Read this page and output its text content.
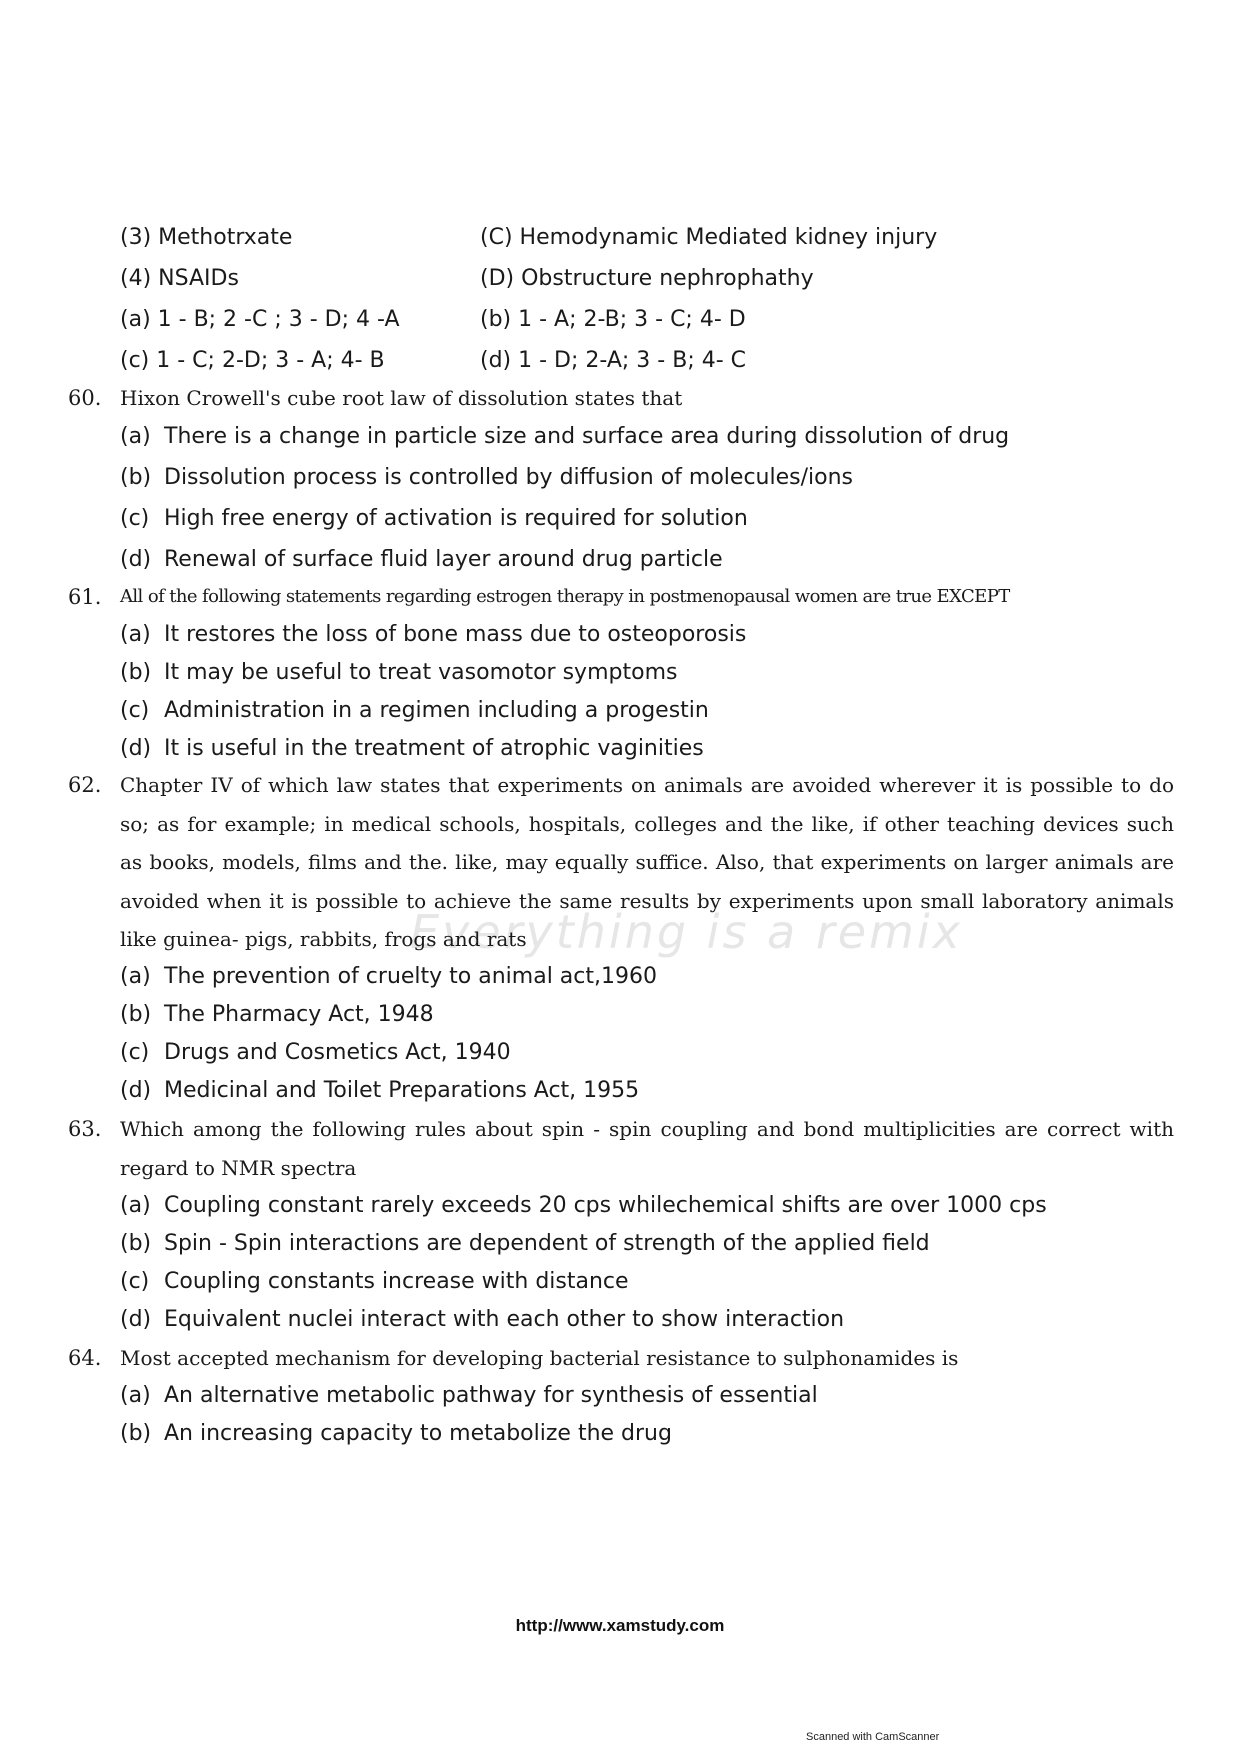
Everything is a remix
(3) Methotrxate	(C) Hemodynamic Mediated kidney injury
(4) NSAIDs	(D) Obstructure nephrophathy
(a) 1 - B; 2 -C ; 3 - D; 4 -A	(b) 1 - A; 2-B; 3 - C; 4- D
(c) 1 - C; 2-D; 3 - A; 4- B	(d) 1 - D; 2-A; 3 - B; 4- C
60. Hixon Crowell's cube root law of dissolution states that
(a) There is a change in particle size and surface area during dissolution of drug
(b) Dissolution process is controlled by diffusion of molecules/ions
(c) High free energy of activation is required for solution
(d) Renewal of surface fluid layer around drug particle
61. All of the following statements regarding estrogen therapy in postmenopausal women are true EXCEPT
(a) It restores the loss of bone mass due to osteoporosis
(b) It may be useful to treat vasomotor symptoms
(c) Administration in a regimen including a progestin
(d) It is useful in the treatment of atrophic vaginities
62. Chapter IV of which law states that experiments on animals are avoided wherever it is possible to do so; as for example; in medical schools, hospitals, colleges and the like, if other teaching devices such as books, models, films and the. like, may equally suffice. Also, that experiments on larger animals are avoided when it is possible to achieve the same results by experiments upon small laboratory animals like guinea- pigs, rabbits, frogs and rats
(a) The prevention of cruelty to animal act,1960
(b) The Pharmacy Act, 1948
(c) Drugs and Cosmetics Act, 1940
(d) Medicinal and Toilet Preparations Act, 1955
63. Which among the following rules about spin - spin coupling and bond multiplicities are correct with regard to NMR spectra
(a) Coupling constant rarely exceeds 20 cps whilechemical shifts are over 1000 cps
(b) Spin - Spin interactions are dependent of strength of the applied field
(c) Coupling constants increase with distance
(d) Equivalent nuclei interact with each other to show interaction
64. Most accepted mechanism for developing bacterial resistance to sulphonamides is
(a) An alternative metabolic pathway for synthesis of essential
(b) An increasing capacity to metabolize the drug
http://www.xamstudy.com
Scanned with CamScanner
